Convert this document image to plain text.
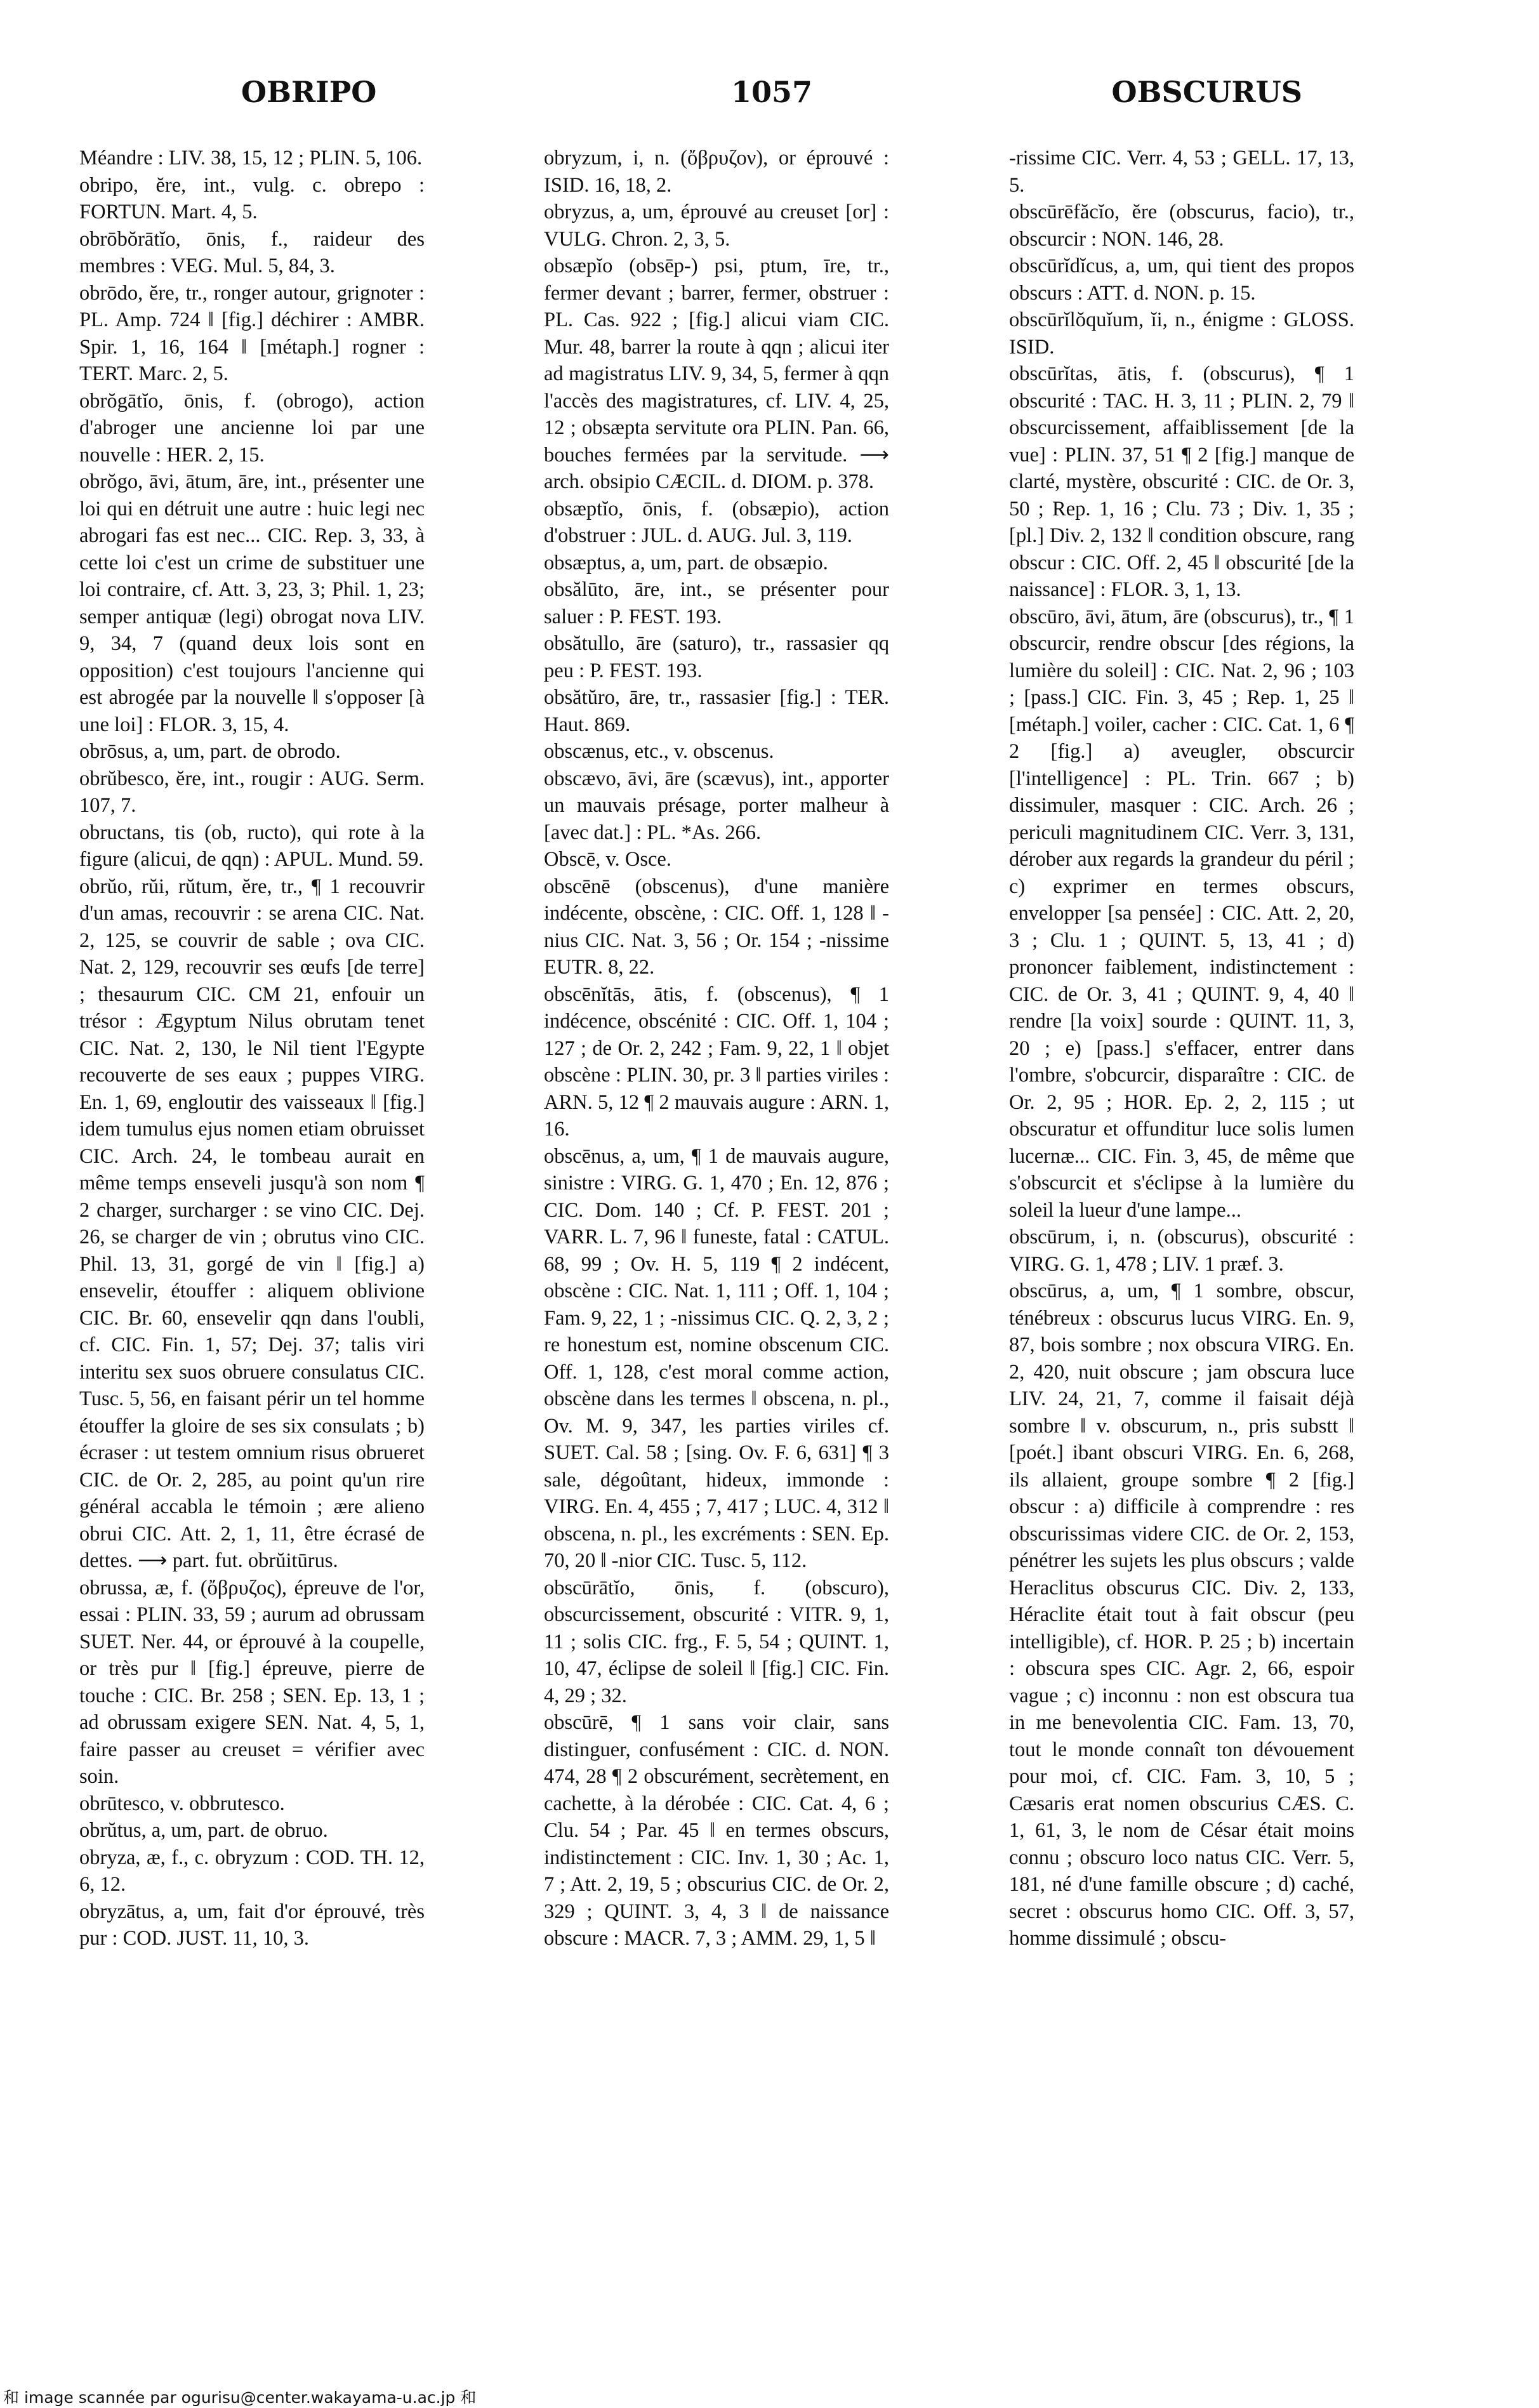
OBRIPO	1057	OBSCURUS

Méandre : LIV. 38, 15, 12 ; PLIN. 5, 106.

obripo, ĕre, int., vulg. c. obrepo : FORTUN. Mart. 4, 5.

obrōbŏrātĭo, ōnis, f., raideur des membres : VEG. Mul. 5, 84, 3.

obrōdo, ĕre, tr., ronger autour, grignoter : PL. Amp. 724 ‖ [fig.] déchirer : AMBR. Spir. 1, 16, 164 ‖ [métaph.] rogner : TERT. Marc. 2, 5.

obrŏgātĭo, ōnis, f. (obrogo), action d'abroger une ancienne loi par une nouvelle : HER. 2, 15.

obrŏgo, āvi, ātum, āre, int., présenter une loi qui en détruit une autre : huic legi nec abrogari fas est nec... CIC. Rep. 3, 33, à cette loi c'est un crime de substituer une loi contraire, cf. Att. 3, 23, 3; Phil. 1, 23; semper antiquæ (legi) obrogat nova LIV. 9, 34, 7 (quand deux lois sont en opposition) c'est toujours l'ancienne qui est abrogée par la nouvelle ‖ s'opposer [à une loi] : FLOR. 3, 15, 4.

obrōsus, a, um, part. de obrodo.

obrŭbesco, ĕre, int., rougir : AUG. Serm. 107, 7.

obructans, tis (ob, ructo), qui rote à la figure (alicui, de qqn) : APUL. Mund. 59.

obrŭo, rŭi, rŭtum, ĕre, tr., ¶ 1 recouvrir d'un amas, recouvrir : se arena CIC. Nat. 2, 125, se couvrir de sable ; ova CIC. Nat. 2, 129, recouvrir ses œufs [de terre] ; thesaurum CIC. CM 21, enfouir un trésor : Ægyptum Nilus obrutam tenet CIC. Nat. 2, 130, le Nil tient l'Egypte recouverte de ses eaux ; puppes VIRG. En. 1, 69, engloutir des vaisseaux ‖ [fig.] idem tumulus ejus nomen etiam obruisset CIC. Arch. 24, le tombeau aurait en même temps enseveli jusqu'à son nom ¶ 2 charger, surcharger : se vino CIC. Dej. 26, se charger de vin ; obrutus vino CIC. Phil. 13, 31, gorgé de vin ‖ [fig.] a) ensevelir, étouffer : aliquem oblivione CIC. Br. 60, ensevelir qqn dans l'oubli, cf. CIC. Fin. 1, 57; Dej. 37; talis viri interitu sex suos obruere consulatus CIC. Tusc. 5, 56, en faisant périr un tel homme étouffer la gloire de ses six consulats ; b) écraser : ut testem omnium risus obrueret CIC. de Or. 2, 285, au point qu'un rire général accabla le témoin ; ære alieno obrui CIC. Att. 2, 1, 11, être écrasé de dettes. ⟶ part. fut. obrŭitūrus.

obrussa, æ, f. (ὄβρυζος), épreuve de l'or, essai : PLIN. 33, 59 ; aurum ad obrussam SUET. Ner. 44, or éprouvé à la coupelle, or très pur ‖ [fig.] épreuve, pierre de touche : CIC. Br. 258 ; SEN. Ep. 13, 1 ; ad obrussam exigere SEN. Nat. 4, 5, 1, faire passer au creuset = vérifier avec soin.

obrūtesco, v. obbrutesco.

obrŭtus, a, um, part. de obruo.

obryza, æ, f., c. obryzum : COD. TH. 12, 6, 12.

obryzātus, a, um, fait d'or éprouvé, très pur : COD. JUST. 11, 10, 3.

obryzum, i, n. (ὄβρυζον), or éprouvé : ISID. 16, 18, 2.

obryzus, a, um, éprouvé au creuset [or] : VULG. Chron. 2, 3, 5.

obsæpĭo (obsēp-) psi, ptum, īre, tr., fermer devant ; barrer, fermer, obstruer : PL. Cas. 922 ; [fig.] alicui viam CIC. Mur. 48, barrer la route à qqn ; alicui iter ad magistratus LIV. 9, 34, 5, fermer à qqn l'accès des magistratures, cf. LIV. 4, 25, 12 ; obsæpta servitute ora PLIN. Pan. 66, bouches fermées par la servitude. ⟶ arch. obsipio CÆCIL. d. DIOM. p. 378.

obsæptĭo, ōnis, f. (obsæpio), action d'obstruer : JUL. d. AUG. Jul. 3, 119.

obsæptus, a, um, part. de obsæpio.

obsălūto, āre, int., se présenter pour saluer : P. FEST. 193.

obsătullo, āre (saturo), tr., rassasier qq peu : P. FEST. 193.

obsătŭro, āre, tr., rassasier [fig.] : TER. Haut. 869.

obscænus, etc., v. obscenus.

obscævo, āvi, āre (scævus), int., apporter un mauvais présage, porter malheur à [avec dat.] : PL. *As. 266.

Obscē, v. Osce.

obscēnē (obscenus), d'une manière indécente, obscène, : CIC. Off. 1, 128 ‖ -nius CIC. Nat. 3, 56 ; Or. 154 ; -nissime EUTR. 8, 22.

obscēnĭtās, ātis, f. (obscenus), ¶ 1 indécence, obscénité : CIC. Off. 1, 104 ; 127 ; de Or. 2, 242 ; Fam. 9, 22, 1 ‖ objet obscène : PLIN. 30, pr. 3 ‖ parties viriles : ARN. 5, 12 ¶ 2 mauvais augure : ARN. 1, 16.

obscēnus, a, um, ¶ 1 de mauvais augure, sinistre : VIRG. G. 1, 470 ; En. 12, 876 ; CIC. Dom. 140 ; Cf. P. FEST. 201 ; VARR. L. 7, 96 ‖ funeste, fatal : CATUL. 68, 99 ; Ov. H. 5, 119 ¶ 2 indécent, obscène : CIC. Nat. 1, 111 ; Off. 1, 104 ; Fam. 9, 22, 1 ; -nissimus CIC. Q. 2, 3, 2 ; re honestum est, nomine obscenum CIC. Off. 1, 128, c'est moral comme action, obscène dans les termes ‖ obscena, n. pl., Ov. M. 9, 347, les parties viriles cf. SUET. Cal. 58 ; [sing. Ov. F. 6, 631] ¶ 3 sale, dégoûtant, hideux, immonde : VIRG. En. 4, 455 ; 7, 417 ; LUC. 4, 312 ‖ obscena, n. pl., les excréments : SEN. Ep. 70, 20 ‖ -nior CIC. Tusc. 5, 112.

obscūrātĭo, ōnis, f. (obscuro), obscurcissement, obscurité : VITR. 9, 1, 11 ; solis CIC. frg., F. 5, 54 ; QUINT. 1, 10, 47, éclipse de soleil ‖ [fig.] CIC. Fin. 4, 29 ; 32.

obscūrē, ¶ 1 sans voir clair, sans distinguer, confusément : CIC. d. NON. 474, 28 ¶ 2 obscurément, secrètement, en cachette, à la dérobée : CIC. Cat. 4, 6 ; Clu. 54 ; Par. 45 ‖ en termes obscurs, indistinctement : CIC. Inv. 1, 30 ; Ac. 1, 7 ; Att. 2, 19, 5 ; obscurius CIC. de Or. 2, 329 ; QUINT. 3, 4, 3 ‖ de naissance obscure : MACR. 7, 3 ; AMM. 29, 1, 5 ‖

-rissime CIC. Verr. 4, 53 ; GELL. 17, 13, 5.

obscūrēfăcĭo, ĕre (obscurus, facio), tr., obscurcir : NON. 146, 28.

obscūrĭdĭcus, a, um, qui tient des propos obscurs : ATT. d. NON. p. 15.

obscūrĭlŏquĭum, ĭi, n., énigme : GLOSS. ISID.

obscūrĭtas, ātis, f. (obscurus), ¶ 1 obscurité : TAC. H. 3, 11 ; PLIN. 2, 79 ‖ obscurcissement, affaiblissement [de la vue] : PLIN. 37, 51 ¶ 2 [fig.] manque de clarté, mystère, obscurité : CIC. de Or. 3, 50 ; Rep. 1, 16 ; Clu. 73 ; Div. 1, 35 ; [pl.] Div. 2, 132 ‖ condition obscure, rang obscur : CIC. Off. 2, 45 ‖ obscurité [de la naissance] : FLOR. 3, 1, 13.

obscūro, āvi, ātum, āre (obscurus), tr., ¶ 1 obscurcir, rendre obscur [des régions, la lumière du soleil] : CIC. Nat. 2, 96 ; 103 ; [pass.] CIC. Fin. 3, 45 ; Rep. 1, 25 ‖ [métaph.] voiler, cacher : CIC. Cat. 1, 6 ¶ 2 [fig.] a) aveugler, obscurcir [l'intelligence] : PL. Trin. 667 ; b) dissimuler, masquer : CIC. Arch. 26 ; periculi magnitudinem CIC. Verr. 3, 131, dérober aux regards la grandeur du péril ; c) exprimer en termes obscurs, envelopper [sa pensée] : CIC. Att. 2, 20, 3 ; Clu. 1 ; QUINT. 5, 13, 41 ; d) prononcer faiblement, indistinctement : CIC. de Or. 3, 41 ; QUINT. 9, 4, 40 ‖ rendre [la voix] sourde : QUINT. 11, 3, 20 ; e) [pass.] s'effacer, entrer dans l'ombre, s'obcurcir, disparaître : CIC. de Or. 2, 95 ; HOR. Ep. 2, 2, 115 ; ut obscuratur et offunditur luce solis lumen lucernæ... CIC. Fin. 3, 45, de même que s'obscurcit et s'éclipse à la lumière du soleil la lueur d'une lampe...

obscūrum, i, n. (obscurus), obscurité : VIRG. G. 1, 478 ; LIV. 1 præf. 3.

obscūrus, a, um, ¶ 1 sombre, obscur, ténébreux : obscurus lucus VIRG. En. 9, 87, bois sombre ; nox obscura VIRG. En. 2, 420, nuit obscure ; jam obscura luce LIV. 24, 21, 7, comme il faisait déjà sombre ‖ v. obscurum, n., pris substt ‖ [poét.] ibant obscuri VIRG. En. 6, 268, ils allaient, groupe sombre ¶ 2 [fig.] obscur : a) difficile à comprendre : res obscurissimas videre CIC. de Or. 2, 153, pénétrer les sujets les plus obscurs ; valde Heraclitus obscurus CIC. Div. 2, 133, Héraclite était tout à fait obscur (peu intelligible), cf. HOR. P. 25 ; b) incertain : obscura spes CIC. Agr. 2, 66, espoir vague ; c) inconnu : non est obscura tua in me benevolentia CIC. Fam. 13, 70, tout le monde connaît ton dévouement pour moi, cf. CIC. Fam. 3, 10, 5 ; Cæsaris erat nomen obscurius CÆS. C. 1, 61, 3, le nom de César était moins connu ; obscuro loco natus CIC. Verr. 5, 181, né d'une famille obscure ; d) caché, secret : obscurus homo CIC. Off. 3, 57, homme dissimulé ; obscu-

和 image scannée par ogurisu@center.wakayama-u.ac.jp 和
